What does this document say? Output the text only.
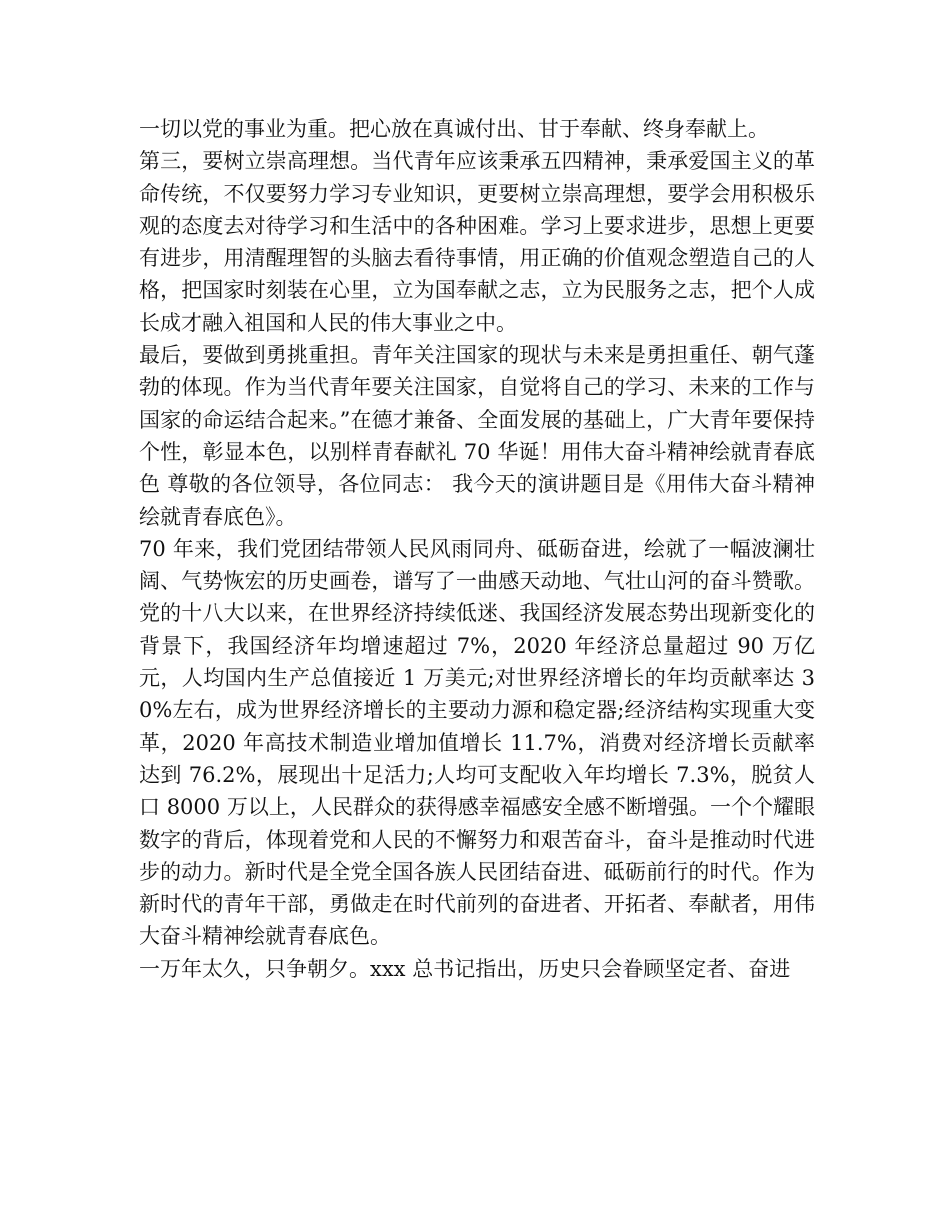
一切以党的事业为重。把心放在真诚付出、甘于奉献、终身奉献上。

第三，要树立崇高理想。当代青年应该秉承五四精神，秉承爱国主义的革命传统，不仅要努力学习专业知识，更要树立崇高理想，要学会用积极乐观的态度去对待学习和生活中的各种困难。学习上要求进步，思想上更要有进步，用清醒理智的头脑去看待事情，用正确的价值观念塑造自己的人格，把国家时刻装在心里，立为国奉献之志，立为民服务之志，把个人成长成才融入祖国和人民的伟大事业之中。

最后，要做到勇挑重担。青年关注国家的现状与未来是勇担重任、朝气蓬勃的体现。作为当代青年要关注国家，自觉将自己的学习、未来的工作与国家的命运结合起来。”在德才兼备、全面发展的基础上，广大青年要保持个性，彰显本色，以别样青春献礼 70 华诞！用伟大奋斗精神绘就青春底色 尊敬的各位领导，各位同志： 我今天的演讲题目是《用伟大奋斗精神绘就青春底色》。

70 年来，我们党团结带领人民风雨同舟、砥砺奋进，绘就了一幅波澜壮阔、气势恢宏的历史画卷，谱写了一曲感天动地、气壮山河的奋斗赞歌。党的十八大以来，在世界经济持续低迷、我国经济发展态势出现新变化的背景下，我国经济年均增速超过 7%，2020 年经济总量超过 90 万亿元，人均国内生产总值接近 1 万美元;对世界经济增长的年均贡献率达 30%左右，成为世界经济增长的主要动力源和稳定器;经济结构实现重大变革，2020 年高技术制造业增加值增长 11.7%，消费对经济增长贡献率达到 76.2%，展现出十足活力;人均可支配收入年均增长 7.3%，脱贫人口 8000 万以上，人民群众的获得感幸福感安全感不断增强。一个个耀眼数字的背后，体现着党和人民的不懈努力和艰苦奋斗，奋斗是推动时代进步的动力。新时代是全党全国各族人民团结奋进、砥砺前行的时代。作为新时代的青年干部，勇做走在时代前列的奋进者、开拓者、奉献者，用伟大奋斗精神绘就青春底色。

一万年太久，只争朝夕。xxx 总书记指出，历史只会眷顾坚定者、奋进
